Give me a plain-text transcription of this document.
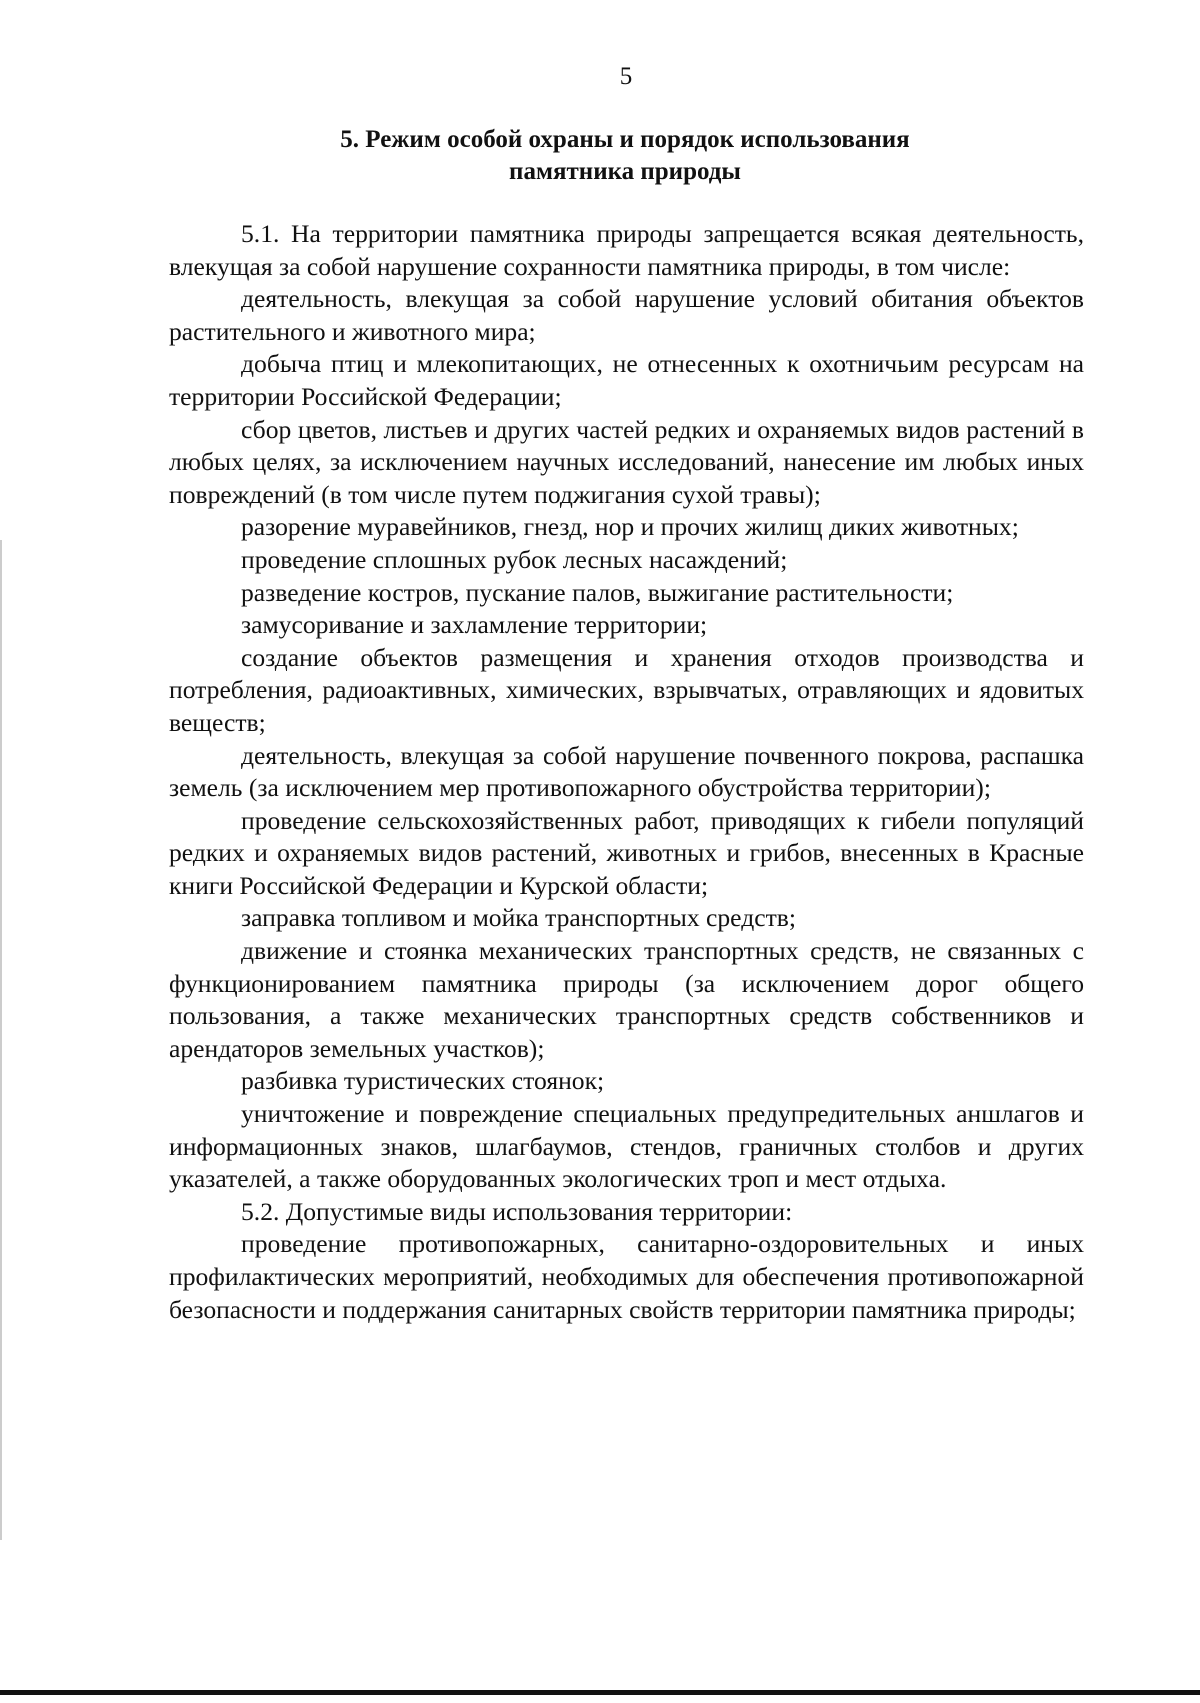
5
5. Режим особой охраны и порядок использования
памятника природы

5.1. На территории памятника природы запрещается всякая деятельность, влекущая за собой нарушение сохранности памятника природы, в том числе:

деятельность, влекущая за собой нарушение условий обитания объектов растительного и животного мира;

добыча птиц и млекопитающих, не отнесенных к охотничьим ресурсам на территории Российской Федерации;

сбор цветов, листьев и других частей редких и охраняемых видов растений в любых целях, за исключением научных исследований, нанесение им любых иных повреждений (в том числе путем поджигания сухой травы);

разорение муравейников, гнезд, нор и прочих жилищ диких животных;

проведение сплошных рубок лесных насаждений;

разведение костров, пускание палов, выжигание растительности;

замусоривание и захламление территории;

создание объектов размещения и хранения отходов производства и потребления, радиоактивных, химических, взрывчатых, отравляющих и ядовитых веществ;

деятельность, влекущая за собой нарушение почвенного покрова, распашка земель (за исключением мер противопожарного обустройства территории);

проведение сельскохозяйственных работ, приводящих к гибели популяций редких и охраняемых видов растений, животных и грибов, внесенных в Красные книги Российской Федерации и Курской области;

заправка топливом и мойка транспортных средств;

движение и стоянка механических транспортных средств, не связанных с функционированием памятника природы (за исключением дорог общего пользования, а также механических транспортных средств собственников и арендаторов земельных участков);

разбивка туристических стоянок;

уничтожение и повреждение специальных предупредительных аншлагов и информационных знаков, шлагбаумов, стендов, граничных столбов и других указателей, а также оборудованных экологических троп и мест отдыха.

5.2. Допустимые виды использования территории:

проведение противопожарных, санитарно-оздоровительных и иных профилактических мероприятий, необходимых для обеспечения противопожарной безопасности и поддержания санитарных свойств территории памятника природы;
